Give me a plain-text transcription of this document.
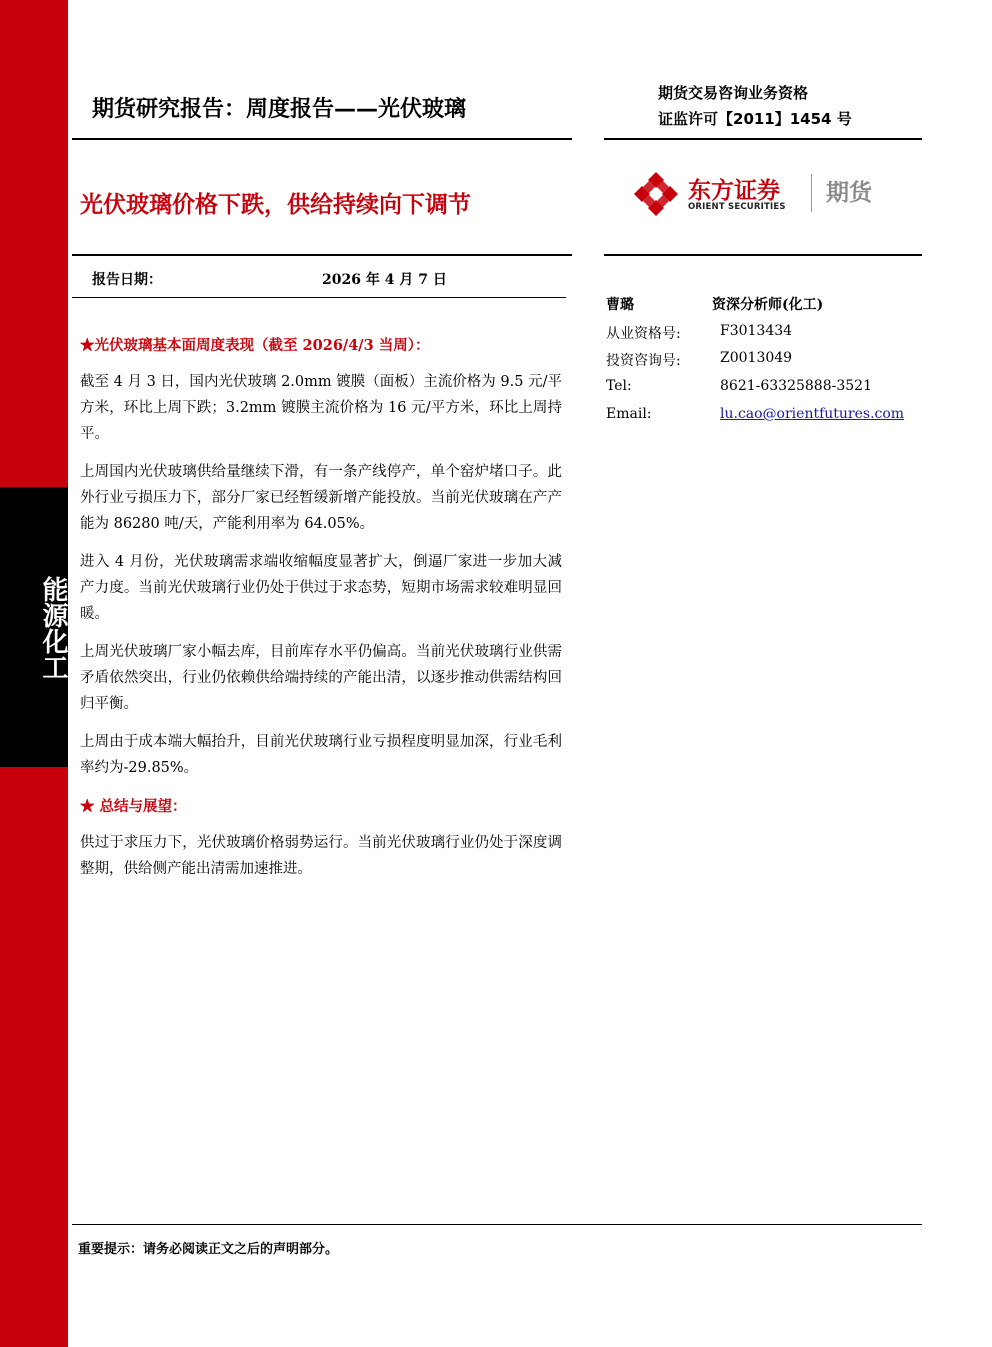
能源化工
期货研究报告：周度报告——光伏玻璃
期货交易咨询业务资格
证监许可【2011】1454 号
光伏玻璃价格下跌，供给持续向下调节
东方证券
ORIENT SECURITIES
期货
报告日期：	2026 年 4 月 7 日
曹璐	资深分析师(化工)
从业资格号:	F3013434
投资咨询号:	Z0013049
Tel:	8621-63325888-3521
Email:	lu.cao@orientfutures.com

★光伏玻璃基本面周度表现（截至 2026/4/3 当周）：

截至 4 月 3 日，国内光伏玻璃 2.0mm 镀膜（面板）主流价格为 9.5 元/平方米，环比上周下跌；3.2mm 镀膜主流价格为 16 元/平方米，环比上周持平。

上周国内光伏玻璃供给量继续下滑，有一条产线停产，单个窑炉堵口子。此外行业亏损压力下，部分厂家已经暂缓新增产能投放。当前光伏玻璃在产产能为 86280 吨/天，产能利用率为 64.05%。

进入 4 月份，光伏玻璃需求端收缩幅度显著扩大，倒逼厂家进一步加大减产力度。当前光伏玻璃行业仍处于供过于求态势，短期市场需求较难明显回暖。

上周光伏玻璃厂家小幅去库，目前库存水平仍偏高。当前光伏玻璃行业供需矛盾依然突出，行业仍依赖供给端持续的产能出清，以逐步推动供需结构回归平衡。

上周由于成本端大幅抬升，目前光伏玻璃行业亏损程度明显加深，行业毛利率约为-29.85%。

★ 总结与展望：

供过于求压力下，光伏玻璃价格弱势运行。当前光伏玻璃行业仍处于深度调整期，供给侧产能出清需加速推进。

重要提示：请务必阅读正文之后的声明部分。
